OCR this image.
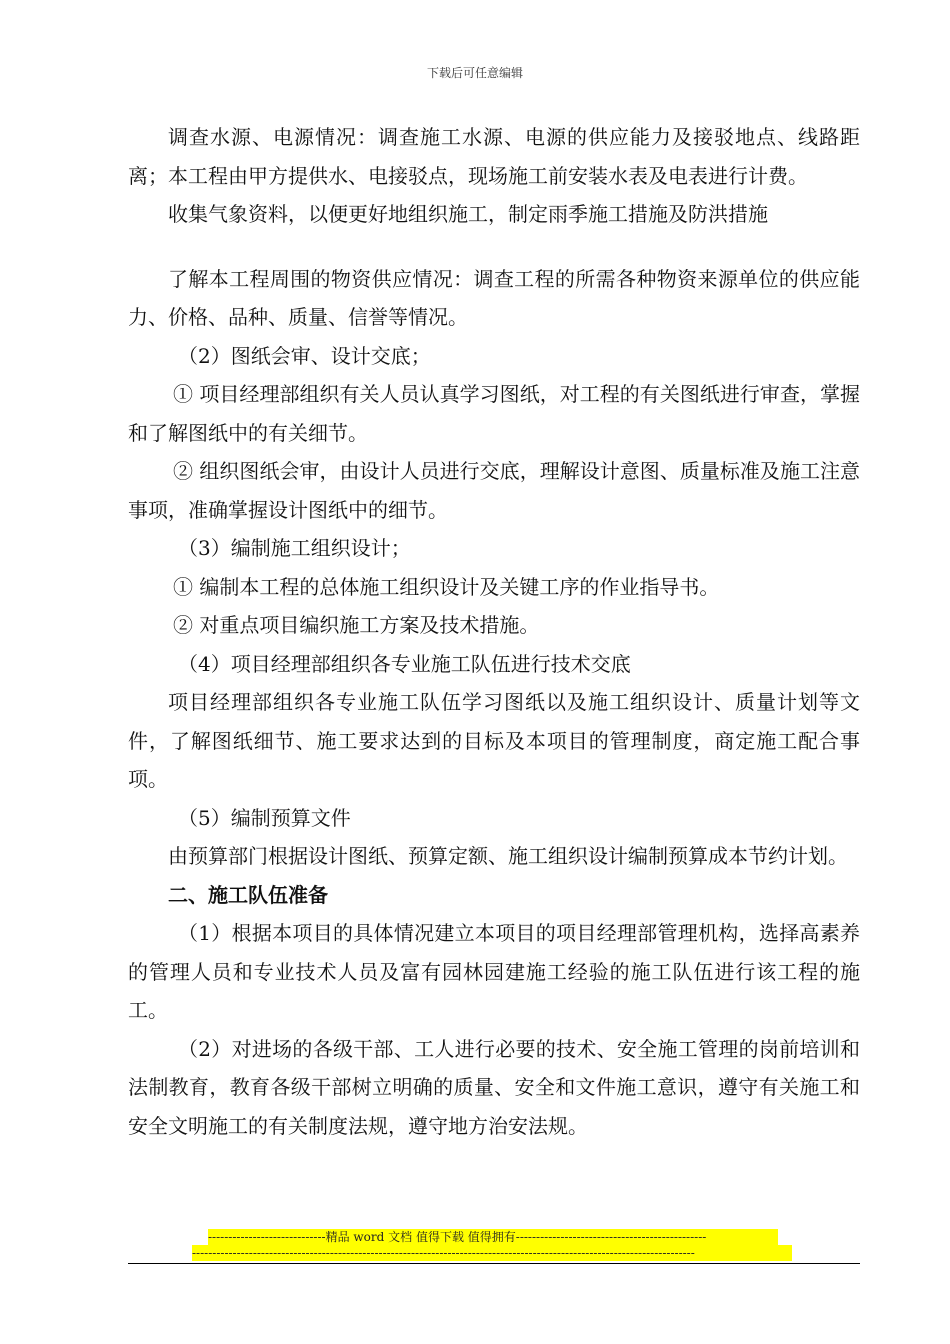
下载后可任意编辑

调查水源、电源情况：调查施工水源、电源的供应能力及接驳地点、线路距离；本工程由甲方提供水、电接驳点，现场施工前安装水表及电表进行计费。

收集气象资料，以便更好地组织施工，制定雨季施工措施及防洪措施

了解本工程周围的物资供应情况：调查工程的所需各种物资来源单位的供应能力、价格、品种、质量、信誉等情况。

（2）图纸会审、设计交底；

① 项目经理部组织有关人员认真学习图纸，对工程的有关图纸进行审查，掌握和了解图纸中的有关细节。

② 组织图纸会审，由设计人员进行交底，理解设计意图、质量标准及施工注意事项，准确掌握设计图纸中的细节。

（3）编制施工组织设计；

① 编制本工程的总体施工组织设计及关键工序的作业指导书。

② 对重点项目编织施工方案及技术措施。

（4）项目经理部组织各专业施工队伍进行技术交底

项目经理部组织各专业施工队伍学习图纸以及施工组织设计、质量计划等文件，了解图纸细节、施工要求达到的目标及本项目的管理制度，商定施工配合事项。

（5）编制预算文件

由预算部门根据设计图纸、预算定额、施工组织设计编制预算成本节约计划。

二、施工队伍准备

（1）根据本项目的具体情况建立本项目的项目经理部管理机构，选择高素养的管理人员和专业技术人员及富有园林园建施工经验的施工队伍进行该工程的施工。

（2）对进场的各级干部、工人进行必要的技术、安全施工管理的岗前培训和法制教育，教育各级干部树立明确的质量、安全和文件施工意识，遵守有关施工和安全文明施工的有关制度法规，遵守地方治安法规。

-----------------------------精品 word 文档 值得下载 值得拥有-----------------------------------------------
----------------------------------------------------------------------------------------------------------------------------
